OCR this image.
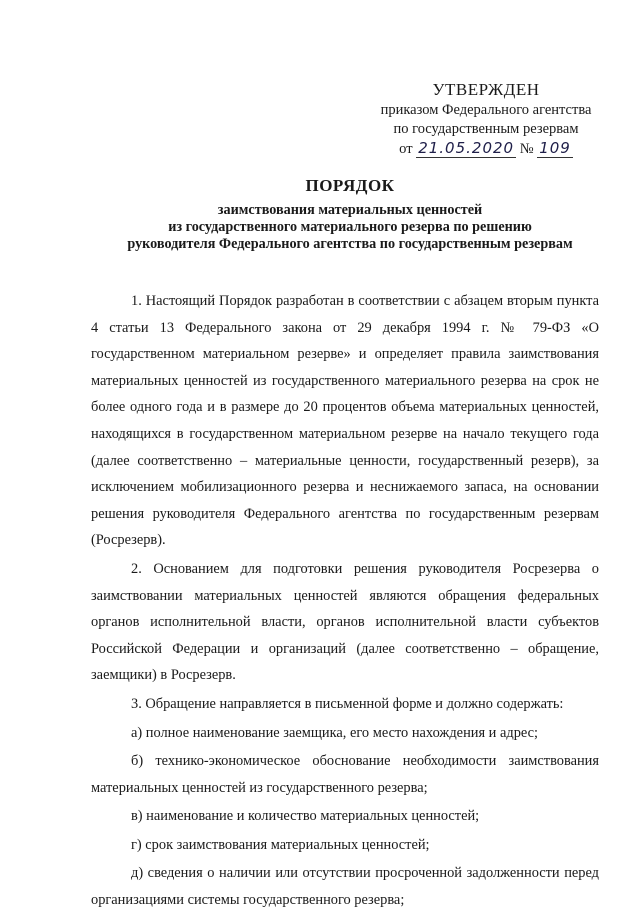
УТВЕРЖДЕН
приказом Федерального агентства
по государственным резервам
от 21.05.2020 № 109
ПОРЯДОК
заимствования материальных ценностей
из государственного материального резерва по решению
руководителя Федерального агентства по государственным резервам

1. Настоящий Порядок разработан в соответствии с абзацем вторым пункта 4 статьи 13 Федерального закона от 29 декабря 1994 г. № 79-ФЗ «О государственном материальном резерве» и определяет правила заимствования материальных ценностей из государственного материального резерва на срок не более одного года и в размере до 20 процентов объема материальных ценностей, находящихся в государственном материальном резерве на начало текущего года (далее соответственно – материальные ценности, государственный резерв), за исключением мобилизационного резерва и неснижаемого запаса, на основании решения руководителя Федерального агентства по государственным резервам (Росрезерв).

2. Основанием для подготовки решения руководителя Росрезерва о заимствовании материальных ценностей являются обращения федеральных органов исполнительной власти, органов исполнительной власти субъектов Российской Федерации и организаций (далее соответственно – обращение, заемщики) в Росрезерв.

3. Обращение направляется в письменной форме и должно содержать:

а) полное наименование заемщика, его место нахождения и адрес;

б) технико-экономическое обоснование необходимости заимствования материальных ценностей из государственного резерва;

в) наименование и количество материальных ценностей;

г) срок заимствования материальных ценностей;

д) сведения о наличии или отсутствии просроченной задолженности перед организациями системы государственного резерва;
